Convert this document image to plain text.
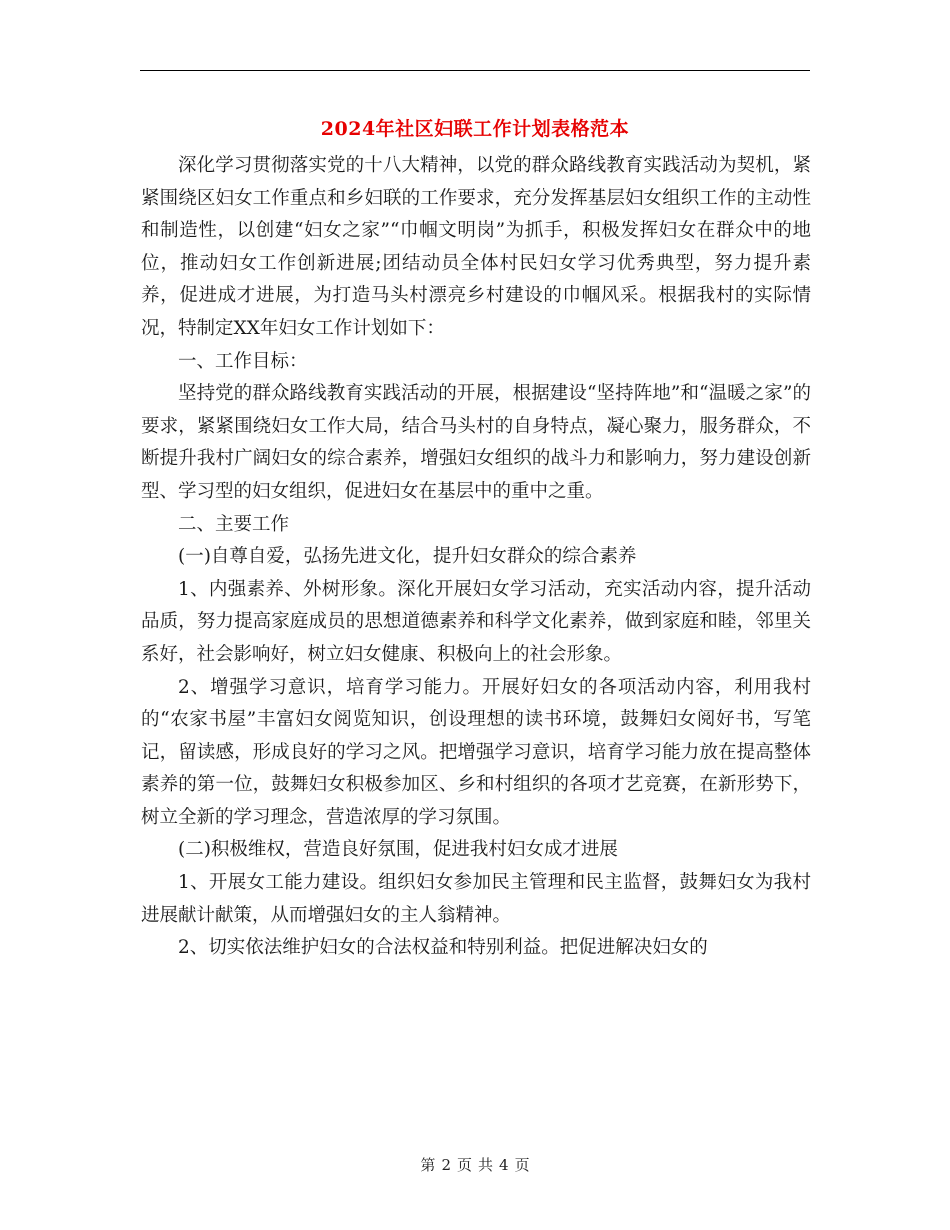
2024年社区妇联工作计划表格范本

深化学习贯彻落实党的十八大精神，以党的群众路线教育实践活动为契机，紧紧围绕区妇女工作重点和乡妇联的工作要求，充分发挥基层妇女组织工作的主动性和制造性，以创建“妇女之家”“巾帼文明岗”为抓手，积极发挥妇女在群众中的地位，推动妇女工作创新进展;团结动员全体村民妇女学习优秀典型，努力提升素养，促进成才进展，为打造马头村漂亮乡村建设的巾帼风采。根据我村的实际情况，特制定XX年妇女工作计划如下：

一、工作目标：

坚持党的群众路线教育实践活动的开展，根据建设“坚持阵地”和“温暖之家”的要求，紧紧围绕妇女工作大局，结合马头村的自身特点，凝心聚力，服务群众，不断提升我村广阔妇女的综合素养，增强妇女组织的战斗力和影响力，努力建设创新型、学习型的妇女组织，促进妇女在基层中的重中之重。

二、主要工作

(一)自尊自爱，弘扬先进文化，提升妇女群众的综合素养

1、内强素养、外树形象。深化开展妇女学习活动，充实活动内容，提升活动品质，努力提高家庭成员的思想道德素养和科学文化素养，做到家庭和睦，邻里关系好，社会影响好，树立妇女健康、积极向上的社会形象。

2、增强学习意识，培育学习能力。开展好妇女的各项活动内容，利用我村的“农家书屋”丰富妇女阅览知识，创设理想的读书环境，鼓舞妇女阅好书，写笔记，留读感，形成良好的学习之风。把增强学习意识，培育学习能力放在提高整体素养的第一位，鼓舞妇女积极参加区、乡和村组织的各项才艺竞赛，在新形势下，树立全新的学习理念，营造浓厚的学习氛围。

(二)积极维权，营造良好氛围，促进我村妇女成才进展

1、开展女工能力建设。组织妇女参加民主管理和民主监督，鼓舞妇女为我村进展献计献策，从而增强妇女的主人翁精神。

2、切实依法维护妇女的合法权益和特别利益。把促进解决妇女的

第 2 页 共 4 页
